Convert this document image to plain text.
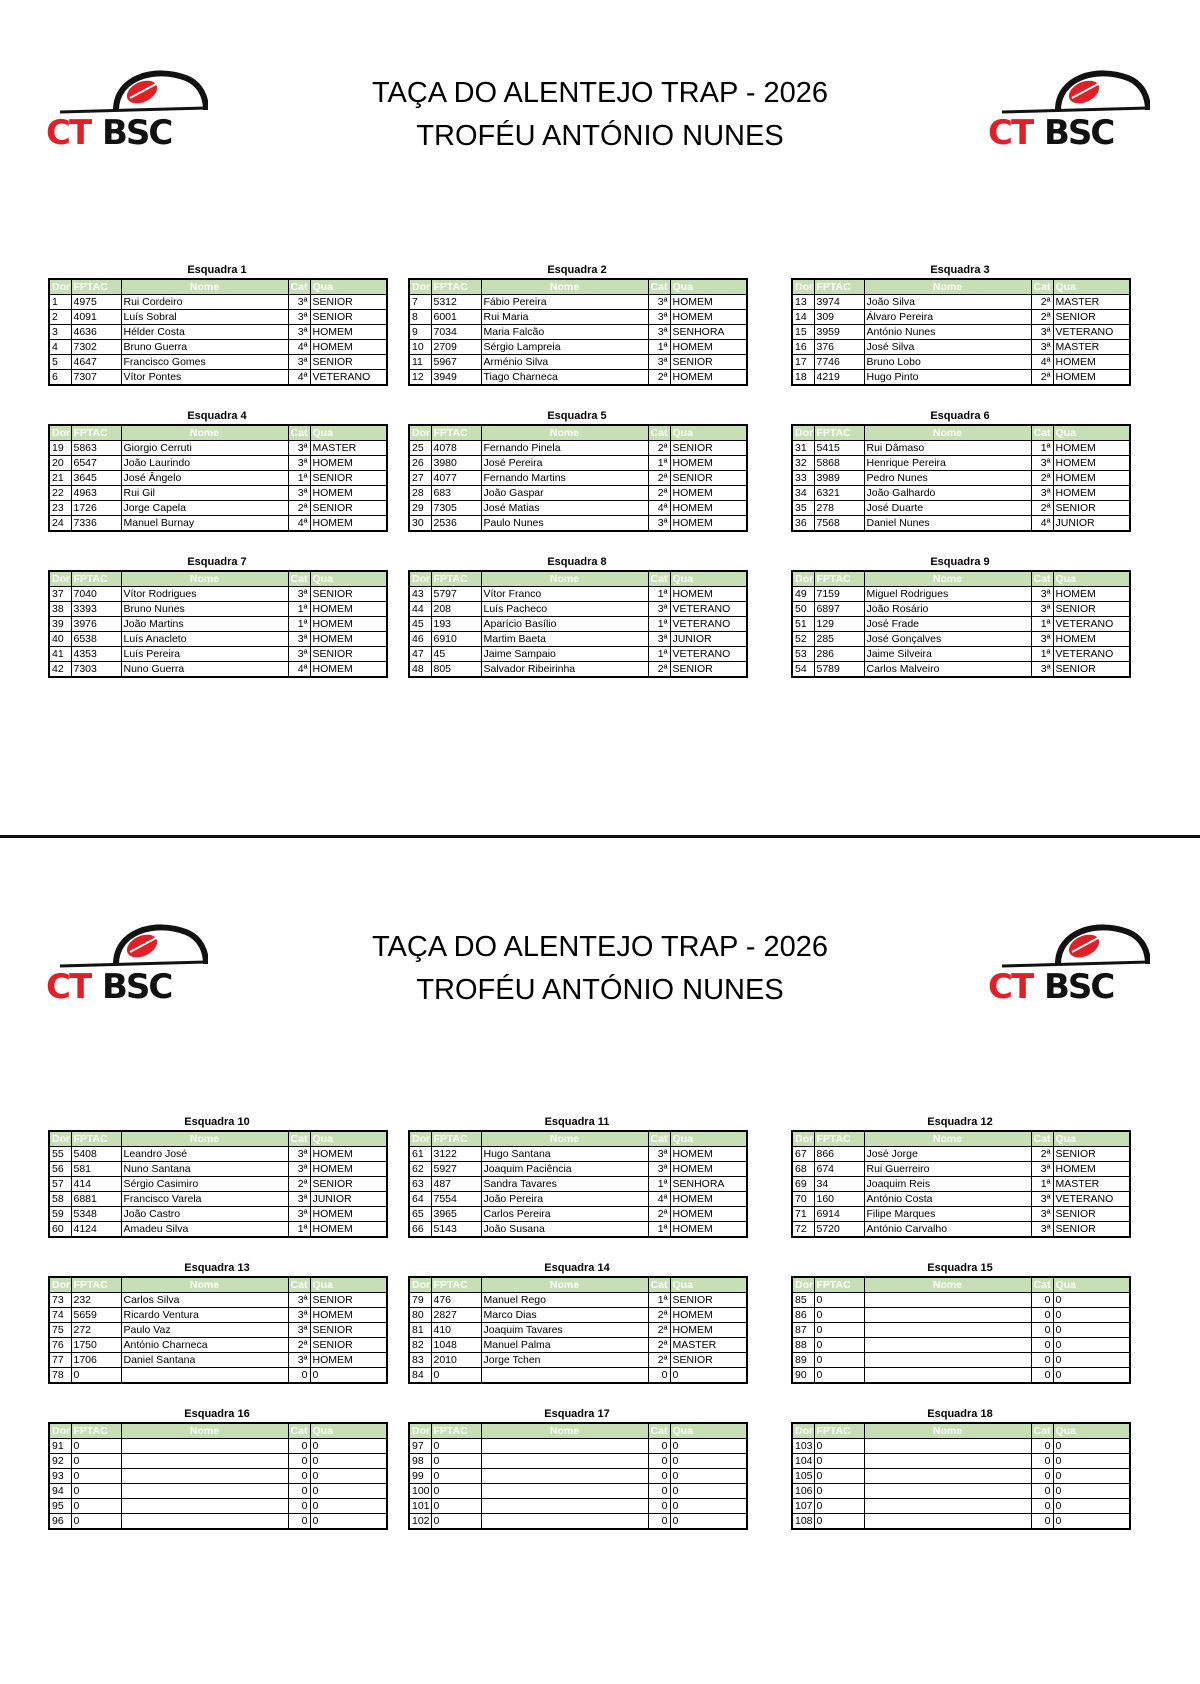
CT BSC	CT BSC
TAÇA DO ALENTEJO TRAP - 2026
TROFÉU ANTÓNIO NUNES
Esquadra 1
Dor	FPTAC	Nome	Cat	Qua
1	4975	Rui Cordeiro	3ª	SENIOR
2	4091	Luís Sobral	3ª	SENIOR
3	4636	Hélder Costa	3ª	HOMEM
4	7302	Bruno Guerra	4ª	HOMEM
5	4647	Francisco Gomes	3ª	SENIOR
6	7307	Vítor Pontes	4ª	VETERANO
Esquadra 2
Dor	FPTAC	Nome	Cat	Qua
7	5312	Fábio Pereira	3ª	HOMEM
8	6001	Rui Maria	3ª	HOMEM
9	7034	Maria Falcão	3ª	SENHORA
10	2709	Sérgio Lampreia	1ª	HOMEM
11	5967	Arménio Silva	3ª	SENIOR
12	3949	Tiago Charneca	2ª	HOMEM
Esquadra 3
Dor	FPTAC	Nome	Cat	Qua
13	3974	João Silva	2ª	MASTER
14	309	Álvaro Pereira	2ª	SENIOR
15	3959	António Nunes	3ª	VETERANO
16	376	José Silva	3ª	MASTER
17	7746	Bruno Lobo	4ª	HOMEM
18	4219	Hugo Pinto	2ª	HOMEM
Esquadra 4
Dor	FPTAC	Nome	Cat	Qua
19	5863	Giorgio Cerruti	3ª	MASTER
20	6547	João Laurindo	3ª	HOMEM
21	3645	José Ângelo	1ª	SENIOR
22	4963	Rui Gil	3ª	HOMEM
23	1726	Jorge Capela	2ª	SENIOR
24	7336	Manuel Burnay	4ª	HOMEM
Esquadra 5
Dor	FPTAC	Nome	Cat	Qua
25	4078	Fernando Pinela	2ª	SENIOR
26	3980	José Pereira	1ª	HOMEM
27	4077	Fernando Martins	2ª	SENIOR
28	683	João Gaspar	2ª	HOMEM
29	7305	José Matias	4ª	HOMEM
30	2536	Paulo Nunes	3ª	HOMEM
Esquadra 6
Dor	FPTAC	Nome	Cat	Qua
31	5415	Rui Dâmaso	1ª	HOMEM
32	5868	Henrique Pereira	3ª	HOMEM
33	3989	Pedro Nunes	2ª	HOMEM
34	6321	João Galhardo	3ª	HOMEM
35	278	José Duarte	2ª	SENIOR
36	7568	Daniel Nunes	4ª	JUNIOR
Esquadra 7
Dor	FPTAC	Nome	Cat	Qua
37	7040	Vítor Rodrigues	3ª	SENIOR
38	3393	Bruno Nunes	1ª	HOMEM
39	3976	João Martins	1ª	HOMEM
40	6538	Luís Anacleto	3ª	HOMEM
41	4353	Luís Pereira	3ª	SENIOR
42	7303	Nuno Guerra	4ª	HOMEM
Esquadra 8
Dor	FPTAC	Nome	Cat	Qua
43	5797	Vítor Franco	1ª	HOMEM
44	208	Luís Pacheco	3ª	VETERANO
45	193	Aparício Basílio	1ª	VETERANO
46	6910	Martim Baeta	3ª	JUNIOR
47	45	Jaime Sampaio	1ª	VETERANO
48	805	Salvador Ribeirinha	2ª	SENIOR
Esquadra 9
Dor	FPTAC	Nome	Cat	Qua
49	7159	Miguel Rodrigues	3ª	HOMEM
50	6897	João Rosário	3ª	SENIOR
51	129	José Frade	1ª	VETERANO
52	285	José Gonçalves	3ª	HOMEM
53	286	Jaime Silveira	1ª	VETERANO
54	5789	Carlos Malveiro	3ª	SENIOR
CT BSC	CT BSC
TAÇA DO ALENTEJO TRAP - 2026
TROFÉU ANTÓNIO NUNES
Esquadra 10
Dor	FPTAC	Nome	Cat	Qua
55	5408	Leandro José	3ª	HOMEM
56	581	Nuno Santana	3ª	HOMEM
57	414	Sérgio Casimiro	2ª	SENIOR
58	6881	Francisco Varela	3ª	JUNIOR
59	5348	João Castro	3ª	HOMEM
60	4124	Amadeu Silva	1ª	HOMEM
Esquadra 11
Dor	FPTAC	Nome	Cat	Qua
61	3122	Hugo Santana	3ª	HOMEM
62	5927	Joaquim Paciência	3ª	HOMEM
63	487	Sandra Tavares	1ª	SENHORA
64	7554	João Pereira	4ª	HOMEM
65	3965	Carlos Pereira	2ª	HOMEM
66	5143	João Susana	1ª	HOMEM
Esquadra 12
Dor	FPTAC	Nome	Cat	Qua
67	866	José Jorge	2ª	SENIOR
68	674	Rui Guerreiro	3ª	HOMEM
69	34	Joaquim Reis	1ª	MASTER
70	160	António Costa	3ª	VETERANO
71	6914	Filipe Marques	3ª	SENIOR
72	5720	António Carvalho	3ª	SENIOR
Esquadra 13
Dor	FPTAC	Nome	Cat	Qua
73	232	Carlos Silva	3ª	SENIOR
74	5659	Ricardo Ventura	3ª	HOMEM
75	272	Paulo Vaz	3ª	SENIOR
76	1750	António Charneca	2ª	SENIOR
77	1706	Daniel Santana	3ª	HOMEM
78	0		0	0
Esquadra 14
Dor	FPTAC	Nome	Cat	Qua
79	476	Manuel Rego	1ª	SENIOR
80	2827	Marco Dias	2ª	HOMEM
81	410	Joaquim Tavares	2ª	HOMEM
82	1048	Manuel Palma	2ª	MASTER
83	2010	Jorge Tchen	2ª	SENIOR
84	0		0	0
Esquadra 15
Dor	FPTAC	Nome	Cat	Qua
85	0		0	0
86	0		0	0
87	0		0	0
88	0		0	0
89	0		0	0
90	0		0	0
Esquadra 16
Dor	FPTAC	Nome	Cat	Qua
91	0		0	0
92	0		0	0
93	0		0	0
94	0		0	0
95	0		0	0
96	0		0	0
Esquadra 17
Dor	FPTAC	Nome	Cat	Qua
97	0		0	0
98	0		0	0
99	0		0	0
100	0		0	0
101	0		0	0
102	0		0	0
Esquadra 18
Dor	FPTAC	Nome	Cat	Qua
103	0		0	0
104	0		0	0
105	0		0	0
106	0		0	0
107	0		0	0
108	0		0	0
